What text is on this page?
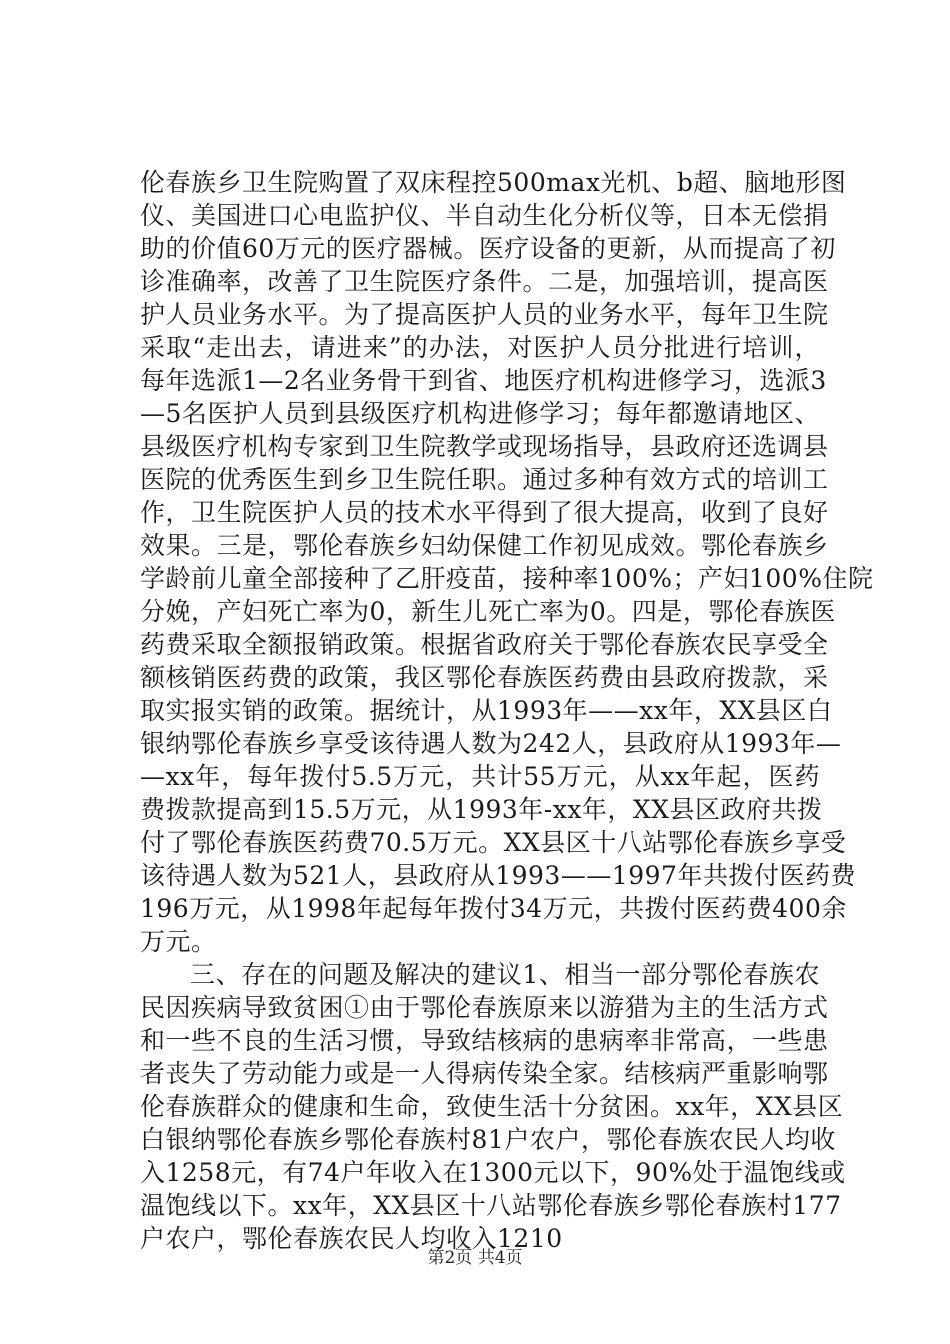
伦春族乡卫生院购置了双床程控500max光机、b超、脑地形图
仪、美国进口心电监护仪、半自动生化分析仪等，日本无偿捐
助的价值60万元的医疗器械。医疗设备的更新，从而提高了初
诊准确率，改善了卫生院医疗条件。二是，加强培训，提高医
护人员业务水平。为了提高医护人员的业务水平，每年卫生院
采取“走出去，请进来”的办法，对医护人员分批进行培训，
每年选派1—2名业务骨干到省、地医疗机构进修学习，选派3
—5名医护人员到县级医疗机构进修学习；每年都邀请地区、
县级医疗机构专家到卫生院教学或现场指导，县政府还选调县
医院的优秀医生到乡卫生院任职。通过多种有效方式的培训工
作，卫生院医护人员的技术水平得到了很大提高，收到了良好
效果。三是，鄂伦春族乡妇幼保健工作初见成效。鄂伦春族乡
学龄前儿童全部接种了乙肝疫苗，接种率100%；产妇100%住院
分娩，产妇死亡率为0，新生儿死亡率为0。四是，鄂伦春族医
药费采取全额报销政策。根据省政府关于鄂伦春族农民享受全
额核销医药费的政策，我区鄂伦春族医药费由县政府拨款，采
取实报实销的政策。据统计，从1993年——xx年，XX县区白
银纳鄂伦春族乡享受该待遇人数为242人，县政府从1993年—
—xx年，每年拨付5.5万元，共计55万元，从xx年起，医药
费拨款提高到15.5万元，从1993年-xx年，XX县区政府共拨
付了鄂伦春族医药费70.5万元。XX县区十八站鄂伦春族乡享受
该待遇人数为521人，县政府从1993——1997年共拨付医药费
196万元，从1998年起每年拨付34万元，共拨付医药费400余
万元。
三、存在的问题及解决的建议1、相当一部分鄂伦春族农
民因疾病导致贫困①由于鄂伦春族原来以游猎为主的生活方式
和一些不良的生活习惯，导致结核病的患病率非常高，一些患
者丧失了劳动能力或是一人得病传染全家。结核病严重影响鄂
伦春族群众的健康和生命，致使生活十分贫困。xx年，XX县区
白银纳鄂伦春族乡鄂伦春族村81户农户，鄂伦春族农民人均收
入1258元，有74户年收入在1300元以下，90%处于温饱线或
温饱线以下。xx年，XX县区十八站鄂伦春族乡鄂伦春族村177
户农户，鄂伦春族农民人均收入1210
第2页 共4页
